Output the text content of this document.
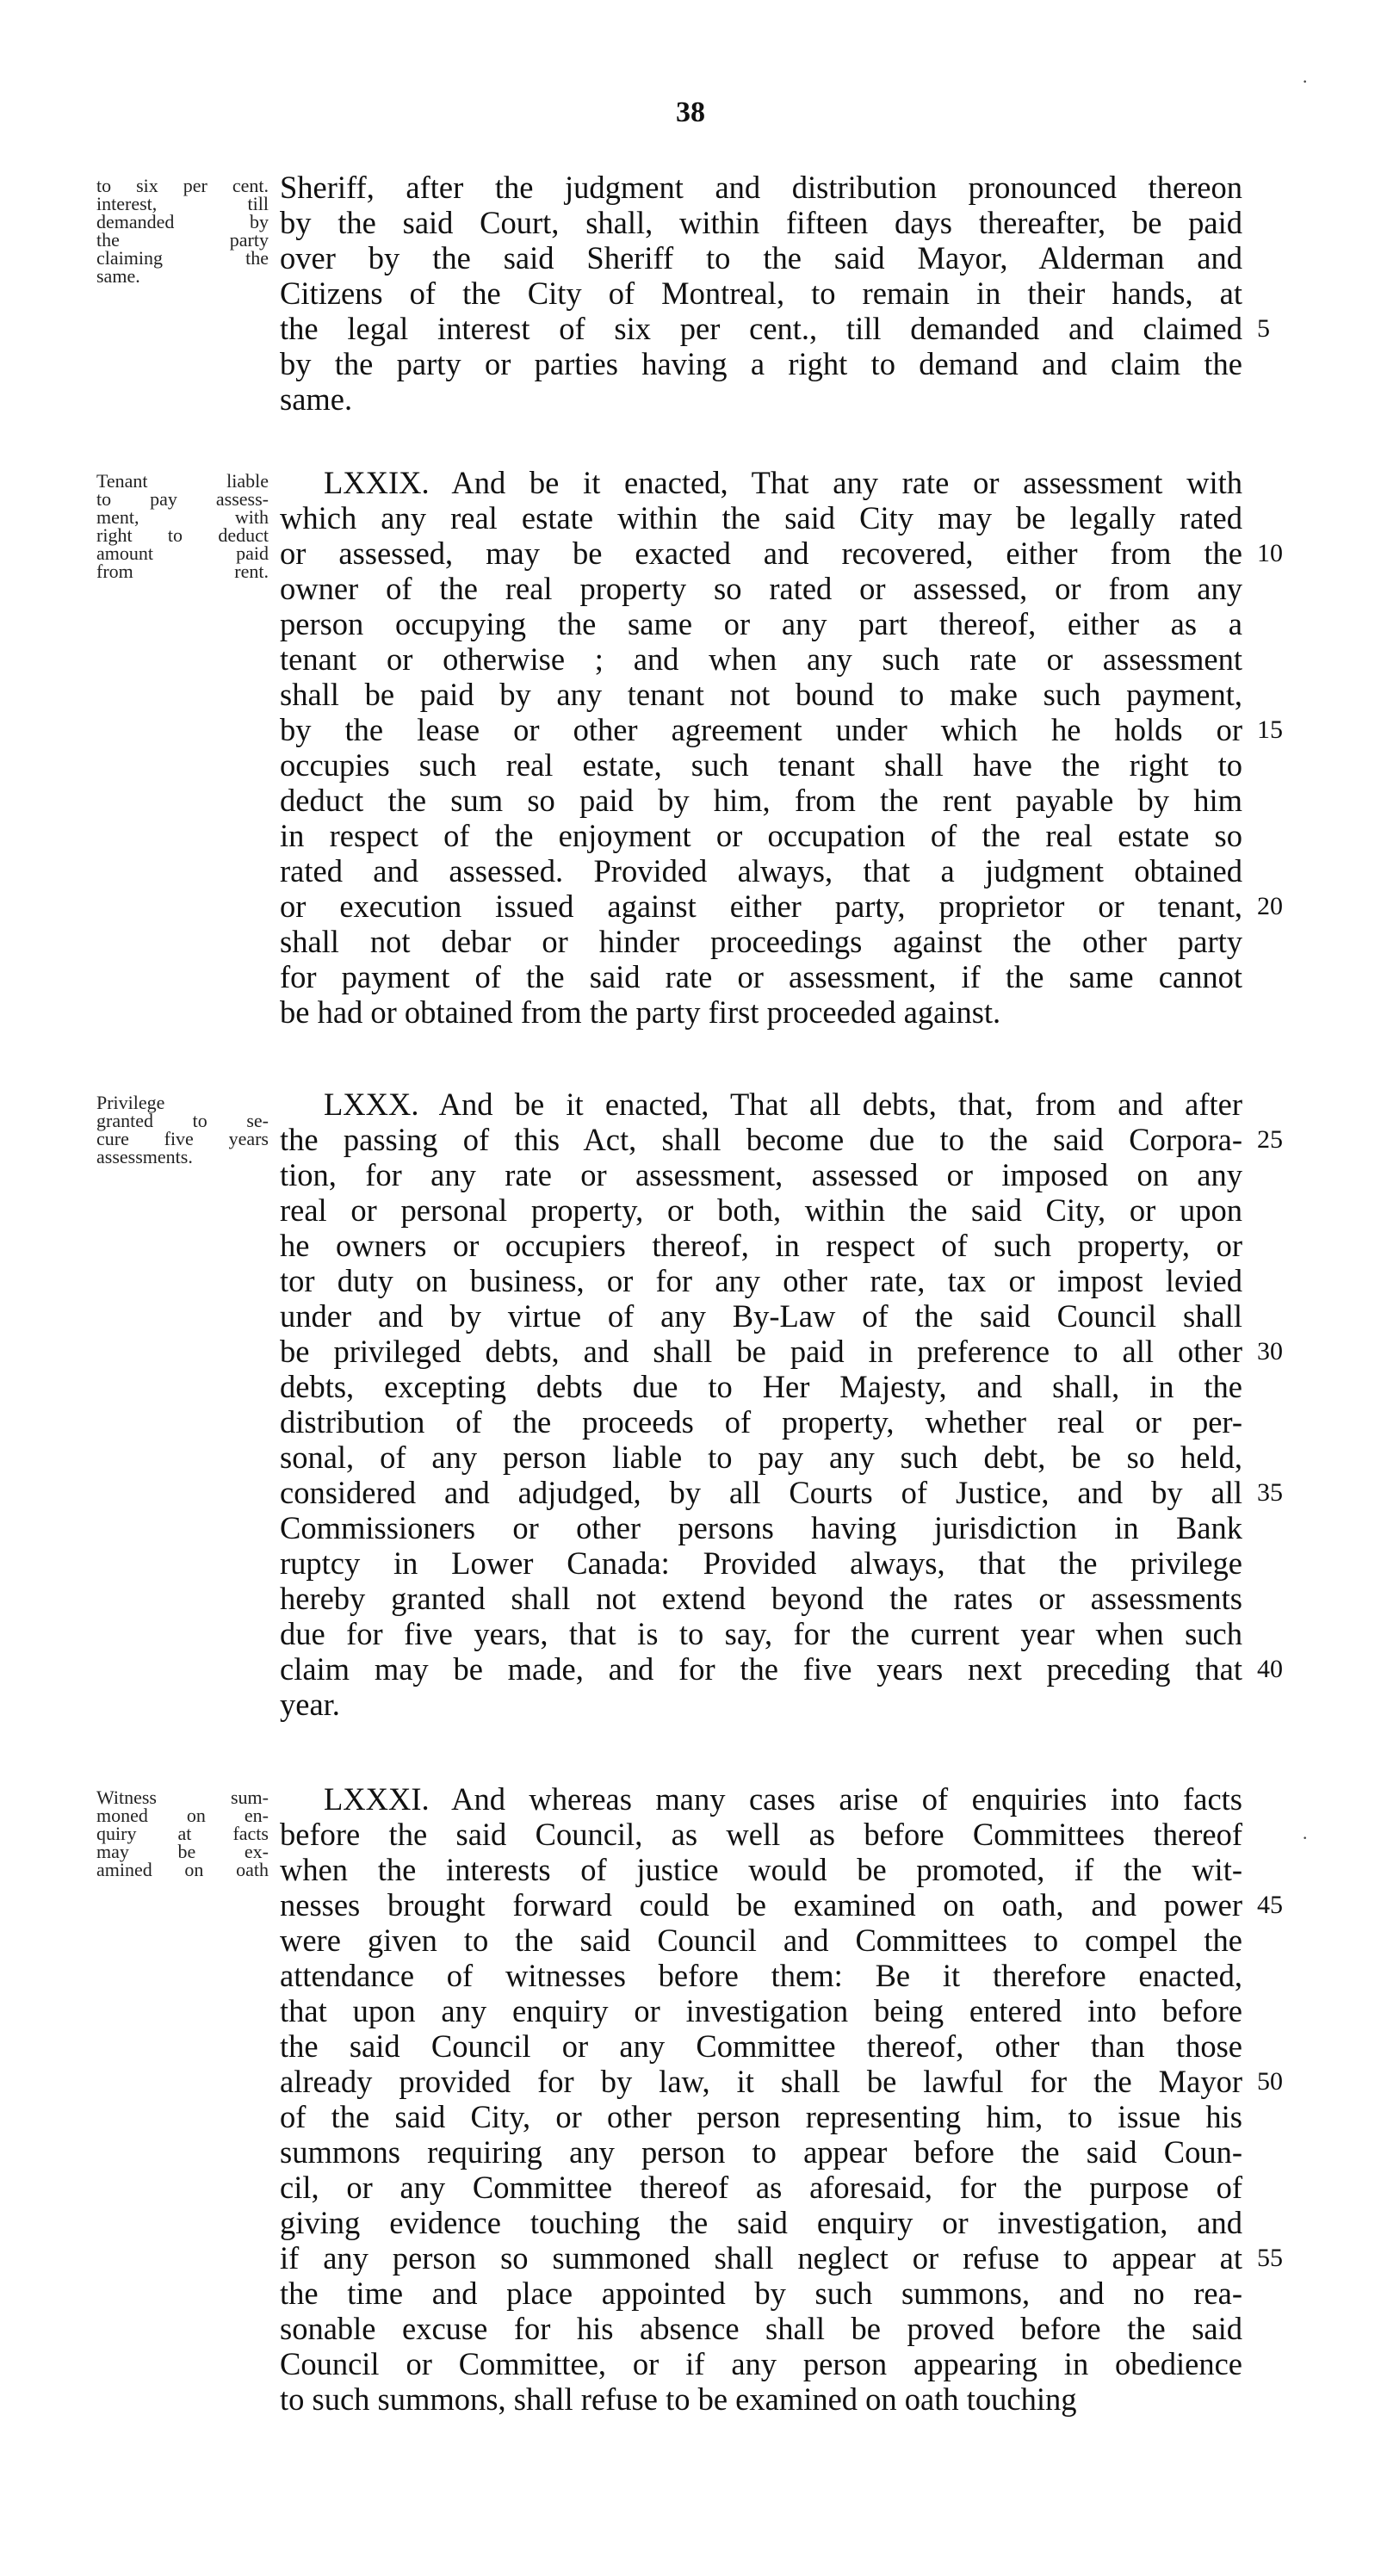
38
to six per cent.
interest, till
demanded by
the party
claiming the
same.
Sheriff, after the judgment and distribution pronounced thereon
by the said Court, shall, within fifteen days thereafter, be paid
over by the said Sheriff to the said Mayor, Alderman and
Citizens of the City of Montreal, to remain in their hands, at
the legal interest of six per cent., till demanded and claimed
by the party or parties having a right to demand and claim the
same.
5
Tenant liable
to pay assess-
ment, with
right to deduct
amount paid
from rent.
LXXIX. And be it enacted, That any rate or assessment with
which any real estate within the said City may be legally rated
or assessed, may be exacted and recovered, either from the
owner of the real property so rated or assessed, or from any
person occupying the same or any part thereof, either as a
tenant or otherwise ; and when any such rate or assessment
shall be paid by any tenant not bound to make such payment,
by the lease or other agreement under which he holds or
occupies such real estate, such tenant shall have the right to
deduct the sum so paid by him, from the rent payable by him
in respect of the enjoyment or occupation of the real estate so
rated and assessed. Provided always, that a judgment obtained
or execution issued against either party, proprietor or tenant,
shall not debar or hinder proceedings against the other party
for payment of the said rate or assessment, if the same cannot
be had or obtained from the party first proceeded against.
10
15
20
Privilege
granted to se-
cure five years
assessments.
LXXX. And be it enacted, That all debts, that, from and after
the passing of this Act, shall become due to the said Corpora-
tion, for any rate or assessment, assessed or imposed on any
real or personal property, or both, within the said City, or upon
he owners or occupiers thereof, in respect of such property, or
tor duty on business, or for any other rate, tax or impost levied
under and by virtue of any By-Law of the said Council shall
be privileged debts, and shall be paid in preference to all other
debts, excepting debts due to Her Majesty, and shall, in the
distribution of the proceeds of property, whether real or per-
sonal, of any person liable to pay any such debt, be so held,
considered and adjudged, by all Courts of Justice, and by all
Commissioners or other persons having jurisdiction in Bank
ruptcy in Lower Canada: Provided always, that the privilege
hereby granted shall not extend beyond the rates or assessments
due for five years, that is to say, for the current year when such
claim may be made, and for the five years next preceding that
year.
25
30
35
40
Witness sum-
moned on en-
quiry at facts
may be ex-
amined on oath
LXXXI. And whereas many cases arise of enquiries into facts
before the said Council, as well as before Committees thereof
when the interests of justice would be promoted, if the wit-
nesses brought forward could be examined on oath, and power
were given to the said Council and Committees to compel the
attendance of witnesses before them: Be it therefore enacted,
that upon any enquiry or investigation being entered into before
the said Council or any Committee thereof, other than those
already provided for by law, it shall be lawful for the Mayor
of the said City, or other person representing him, to issue his
summons requiring any person to appear before the said Coun-
cil, or any Committee thereof as aforesaid, for the purpose of
giving evidence touching the said enquiry or investigation, and
if any person so summoned shall neglect or refuse to appear at
the time and place appointed by such summons, and no rea-
sonable excuse for his absence shall be proved before the said
Council or Committee, or if any person appearing in obedience
to such summons, shall refuse to be examined on oath touching
45
50
55
·
·
